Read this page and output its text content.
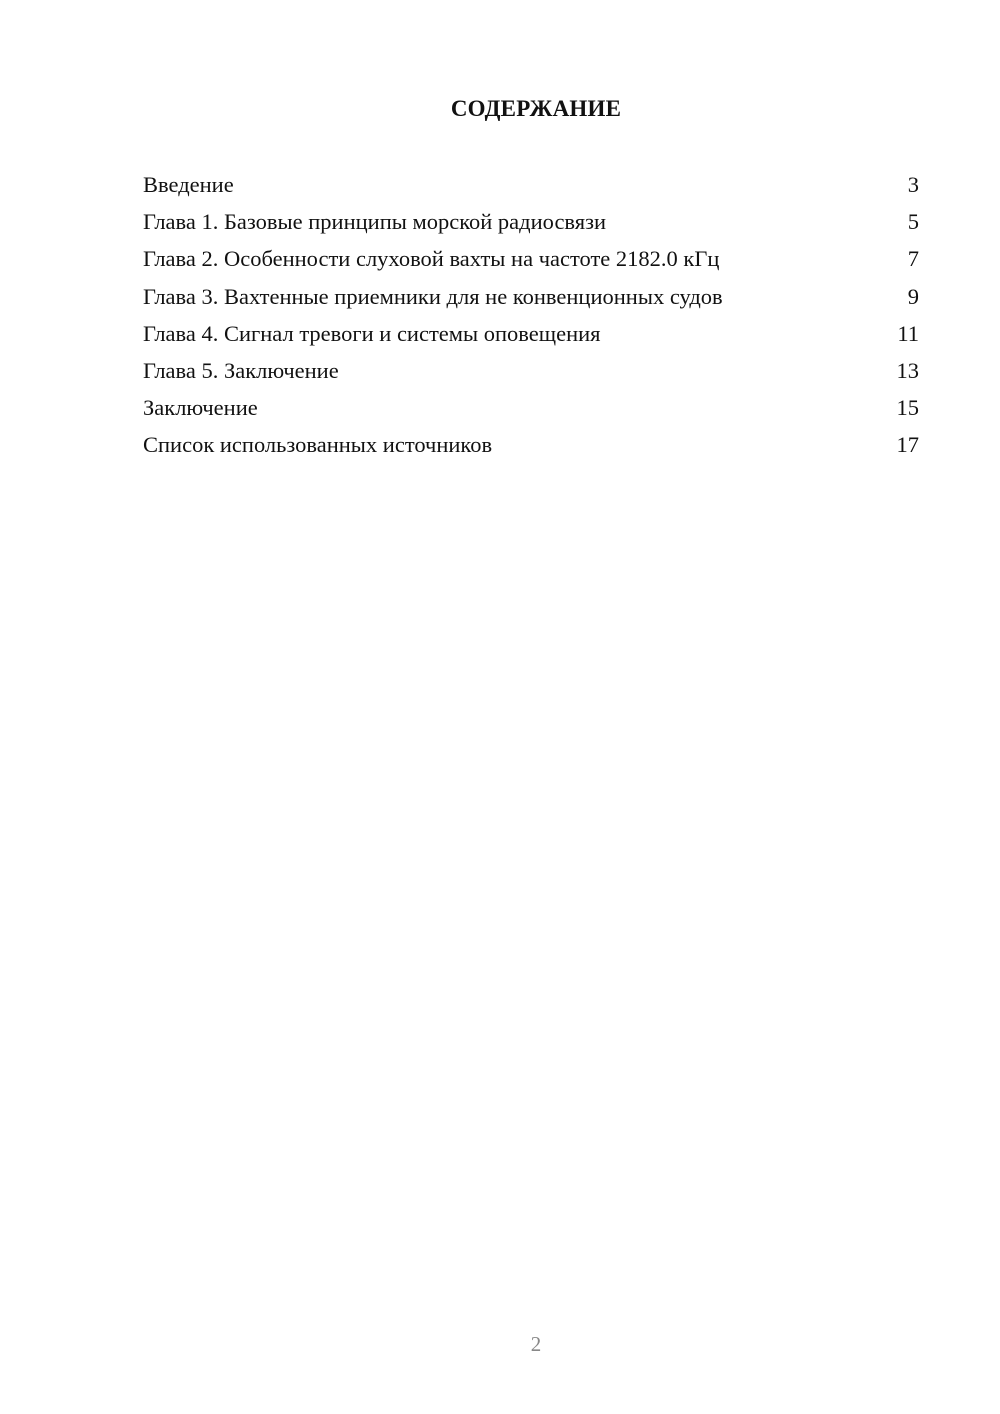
СОДЕРЖАНИЕ
Введение	3
Глава 1. Базовые принципы морской радиосвязи	5
Глава 2. Особенности слуховой вахты на частоте 2182.0 кГц	7
Глава 3. Вахтенные приемники для не конвенционных судов	9
Глава 4. Сигнал тревоги и системы оповещения	11
Глава 5. Заключение	13
Заключение	15
Список использованных источников	17
2
